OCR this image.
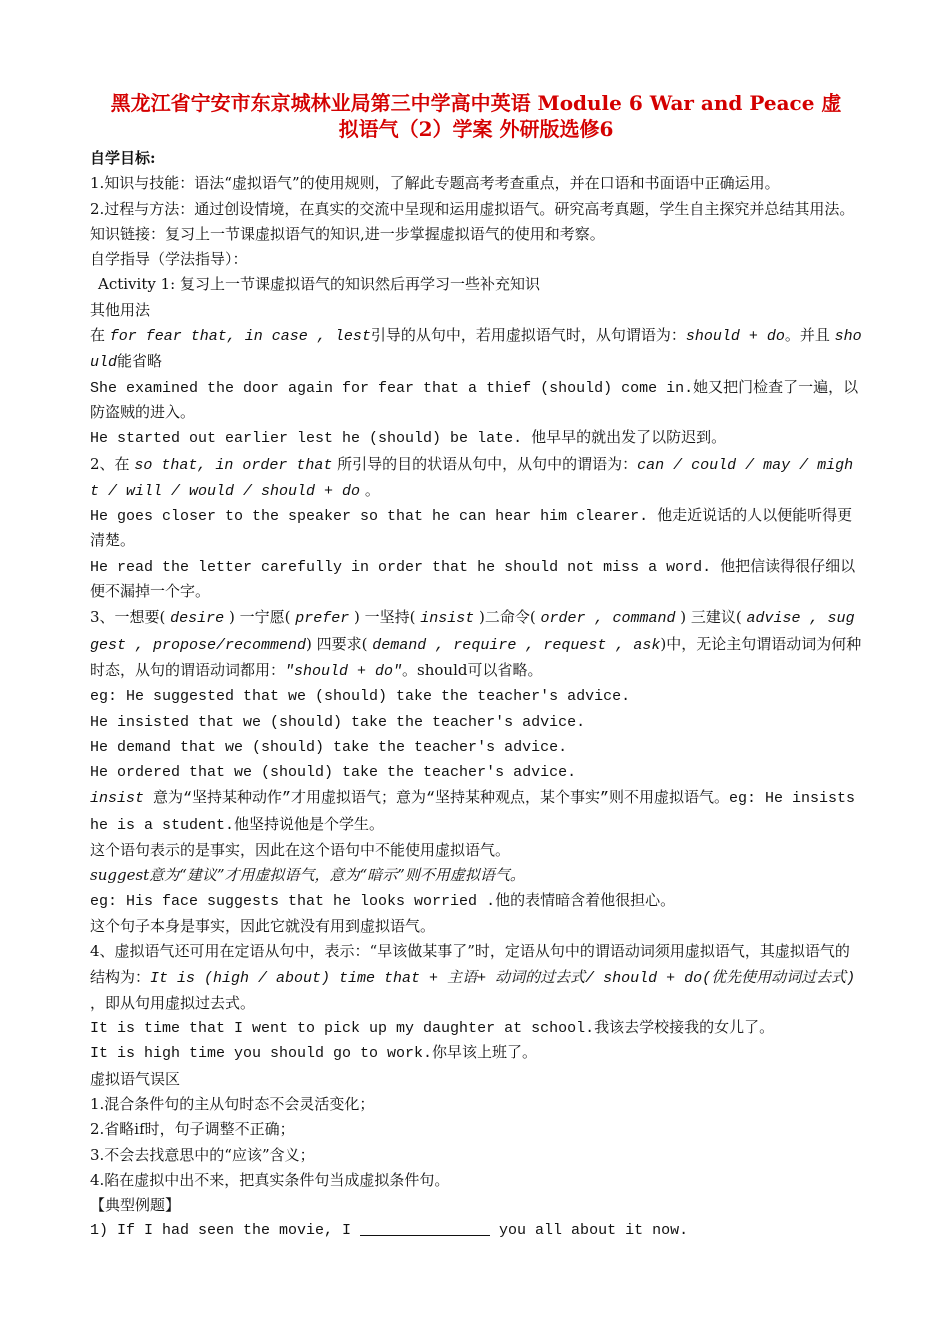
黑龙江省宁安市东京城林业局第三中学高中英语 Module 6 War and Peace 虚
拟语气（2）学案 外研版选修6

自学目标:

1.知识与技能：语法“虚拟语气”的使用规则，了解此专题高考考查重点，并在口语和书面语中正确运用。

2.过程与方法：通过创设情境，在真实的交流中呈现和运用虚拟语气。研究高考真题，学生自主探究并总结其用法。

知识链接：复习上一节课虚拟语气的知识,进一步掌握虚拟语气的使用和考察。

自学指导（学法指导）：

Activity 1: 复习上一节课虚拟语气的知识然后再学习一些补充知识

其他用法

在 for fear that, in case , lest引导的从句中，若用虚拟语气时，从句谓语为：should + do。并且 should能省略

She examined the door again for fear that a thief (should) come in.她又把门检查了一遍，以防盗贼的进入。

He started out earlier lest he (should) be late. 他早早的就出发了以防迟到。

2、在 so that, in order that 所引导的目的状语从句中，从句中的谓语为：can / could / may / might / will / would / should + do 。

He goes closer to the speaker so that he can hear him clearer. 他走近说话的人以便能听得更清楚。

He read the letter carefully in order that he should not miss a word. 他把信读得很仔细以便不漏掉一个字。

3、一想要( desire ) 一宁愿( prefer ) 一坚持( insist )二命令( order , command ) 三建议( advise , suggest , propose/recommend) 四要求( demand , require , request , ask)中，无论主句谓语动词为何种时态，从句的谓语动词都用："should + do"。should可以省略。

eg: He suggested that we (should) take the teacher's advice.

He insisted that we (should) take the teacher's advice.

He demand that we (should) take the teacher's advice.

He ordered that we (should) take the teacher's advice.

insist 意为“坚持某种动作”才用虚拟语气；意为“坚持某种观点，某个事实”则不用虚拟语气。eg: He insists he is a student.他坚持说他是个学生。

这个语句表示的是事实，因此在这个语句中不能使用虚拟语气。

suggest意为“建议”才用虚拟语气，意为“暗示”则不用虚拟语气。

eg: His face suggests that he looks worried .他的表情暗含着他很担心。

这个句子本身是事实，因此它就没有用到虚拟语气。

4、虚拟语气还可用在定语从句中，表示：“早该做某事了”时，定语从句中的谓语动词须用虚拟语气，其虚拟语气的结构为：It is (high / about) time that + 主语+ 动词的过去式/ should + do(优先使用动词过去式) ，即从句用虚拟过去式。

It is time that I went to pick up my daughter at school.我该去学校接我的女儿了。

It is high time you should go to work.你早该上班了。

虚拟语气误区

1.混合条件句的主从句时态不会灵活变化；

2.省略if时，句子调整不正确；

3.不会去找意思中的“应该”含义；

4.陷在虚拟中出不来，把真实条件句当成虚拟条件句。

【典型例题】

1) If I had seen the movie, I	you all about it now.
